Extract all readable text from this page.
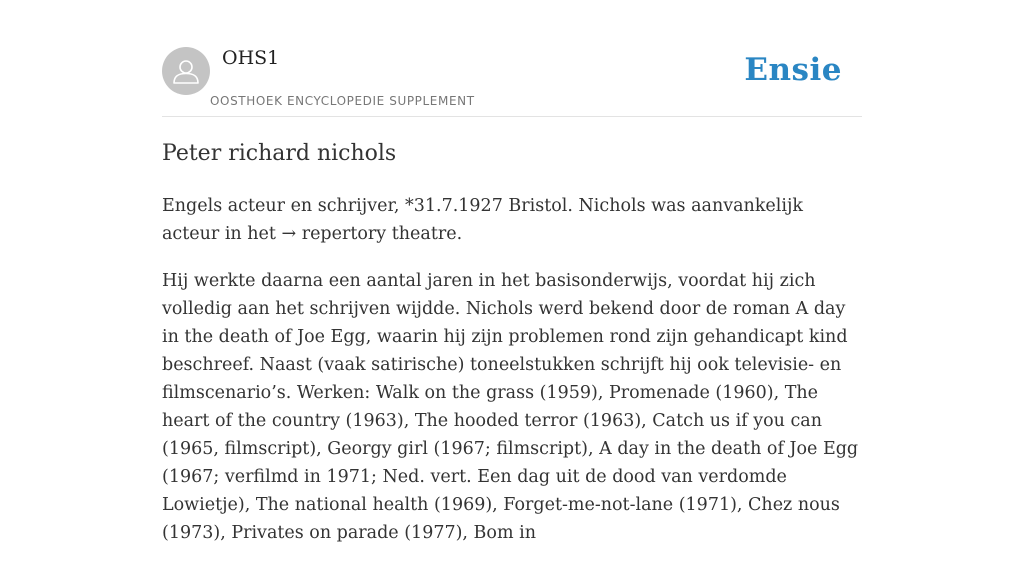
OHS1
OOSTHOEK ENCYCLOPEDIE SUPPLEMENT
Ensie
Peter richard nichols

Engels acteur en schrijver, *31.7.1927 Bristol. Nichols was aanvankelijk acteur in het → repertory theatre.

Hij werkte daarna een aantal jaren in het basisonderwijs, voordat hij zich volledig aan het schrijven wijdde. Nichols werd bekend door de roman A day in the death of Joe Egg, waarin hij zijn problemen rond zijn gehandicapt kind beschreef. Naast (vaak satirische) toneelstukken schrijft hij ook televisie- en filmscenario’s. Werken: Walk on the grass (1959), Promenade (1960), The heart of the country (1963), The hooded terror (1963), Catch us if you can (1965, filmscript), Georgy girl (1967; filmscript), A day in the death of Joe Egg (1967; verfilmd in 1971; Ned. vert. Een dag uit de dood van verdomde Lowietje), The national health (1969), Forget-me-not-lane (1971), Chez nous (1973), Privates on parade (1977), Bom in
